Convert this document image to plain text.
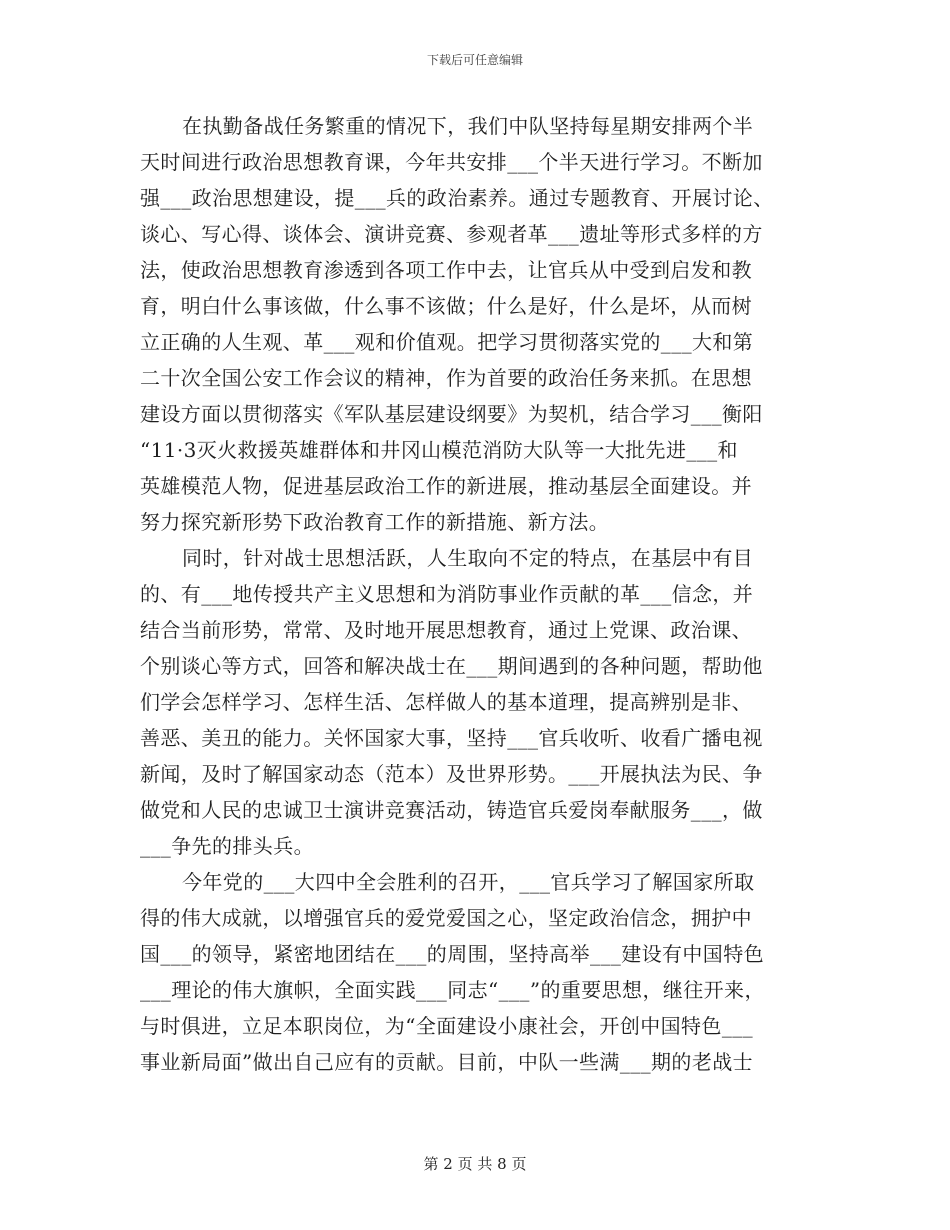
下载后可任意编辑
在执勤备战任务繁重的情况下，我们中队坚持每星期安排两个半
天时间进行政治思想教育课，今年共安排___个半天进行学习。不断加
强___政治思想建设，提___兵的政治素养。通过专题教育、开展讨论、
谈心、写心得、谈体会、演讲竞赛、参观者革___遗址等形式多样的方
法，使政治思想教育渗透到各项工作中去，让官兵从中受到启发和教
育，明白什么事该做，什么事不该做；什么是好，什么是坏，从而树
立正确的人生观、革___观和价值观。把学习贯彻落实党的___大和第
二十次全国公安工作会议的精神，作为首要的政治任务来抓。在思想
建设方面以贯彻落实《军队基层建设纲要》为契机，结合学习___衡阳
“11·3灭火救援英雄群体和井冈山模范消防大队等一大批先进___和
英雄模范人物，促进基层政治工作的新进展，推动基层全面建设。并
努力探究新形势下政治教育工作的新措施、新方法。
同时，针对战士思想活跃，人生取向不定的特点，在基层中有目
的、有___地传授共产主义思想和为消防事业作贡献的革___信念，并
结合当前形势，常常、及时地开展思想教育，通过上党课、政治课、
个别谈心等方式，回答和解决战士在___期间遇到的各种问题，帮助他
们学会怎样学习、怎样生活、怎样做人的基本道理，提高辨别是非、
善恶、美丑的能力。关怀国家大事，坚持___官兵收听、收看广播电视
新闻，及时了解国家动态（范本）及世界形势。___开展执法为民、争
做党和人民的忠诚卫士演讲竞赛活动，铸造官兵爱岗奉献服务___，做
___争先的排头兵。
今年党的___大四中全会胜利的召开，___官兵学习了解国家所取
得的伟大成就，以增强官兵的爱党爱国之心，坚定政治信念，拥护中
国___的领导，紧密地团结在___的周围，坚持高举___建设有中国特色
___理论的伟大旗帜，全面实践___同志“___”的重要思想，继往开来，
与时俱进，立足本职岗位，为“全面建设小康社会，开创中国特色___
事业新局面”做出自己应有的贡献。目前，中队一些满___期的老战士
第 2 页 共 8 页
